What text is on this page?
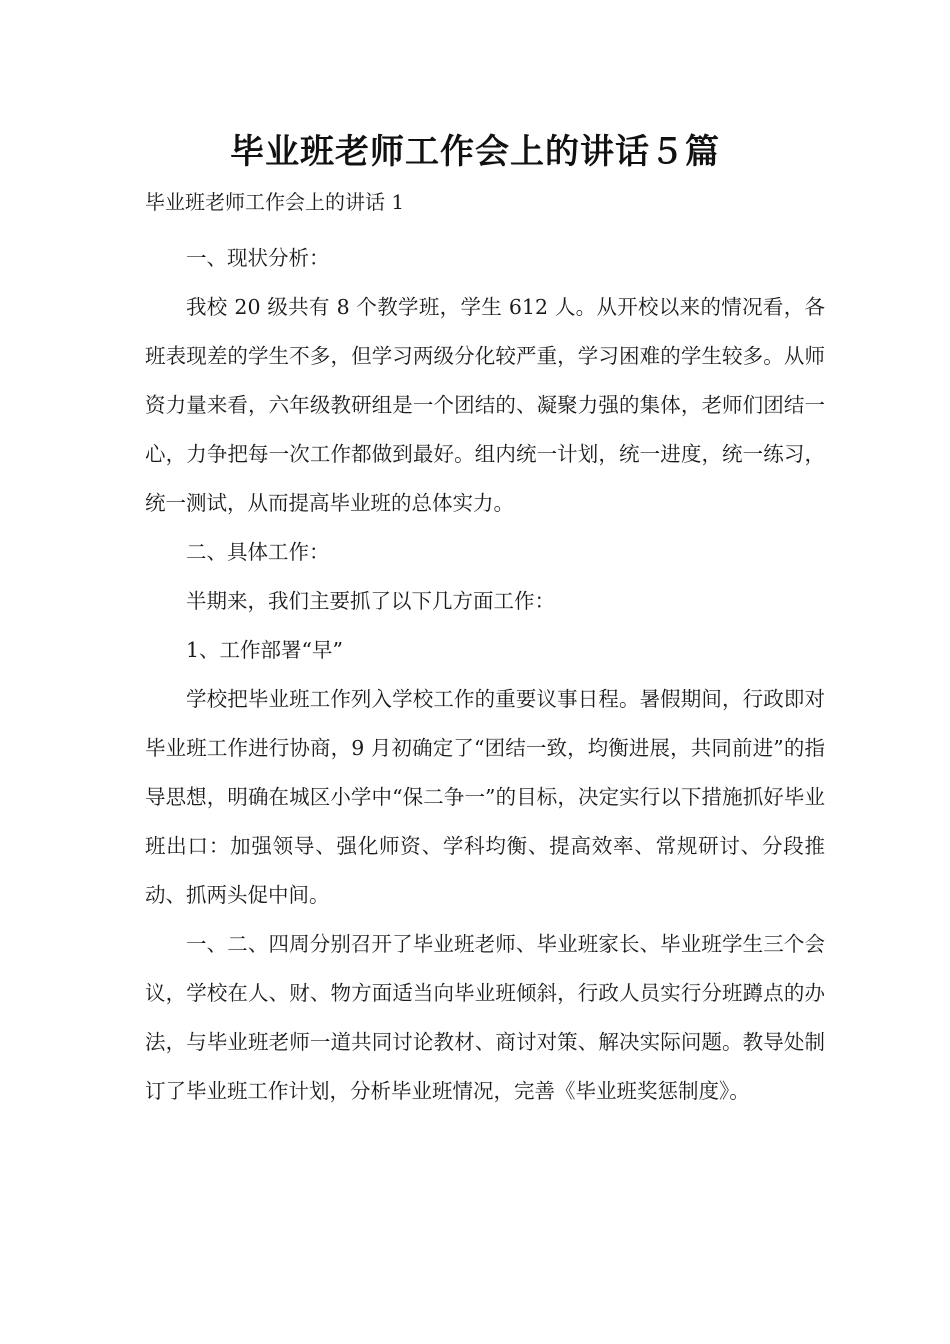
毕业班老师工作会上的讲话５篇

毕业班老师工作会上的讲话 1

一、现状分析：

我校 20 级共有 8 个教学班，学生 612 人。从开校以来的情况看，各班表现差的学生不多，但学习两级分化较严重，学习困难的学生较多。从师资力量来看，六年级教研组是一个团结的、凝聚力强的集体，老师们团结一心，力争把每一次工作都做到最好。组内统一计划，统一进度，统一练习，统一测试，从而提高毕业班的总体实力。

二、具体工作：

半期来，我们主要抓了以下几方面工作：

1、工作部署“早”

学校把毕业班工作列入学校工作的重要议事日程。暑假期间，行政即对毕业班工作进行协商，9 月初确定了“团结一致，均衡进展，共同前进”的指导思想，明确在城区小学中“保二争一”的目标，决定实行以下措施抓好毕业班出口：加强领导、强化师资、学科均衡、提高效率、常规研讨、分段推动、抓两头促中间。

一、二、四周分别召开了毕业班老师、毕业班家长、毕业班学生三个会议，学校在人、财、物方面适当向毕业班倾斜，行政人员实行分班蹲点的办法，与毕业班老师一道共同讨论教材、商讨对策、解决实际问题。教导处制订了毕业班工作计划，分析毕业班情况，完善《毕业班奖惩制度》。
